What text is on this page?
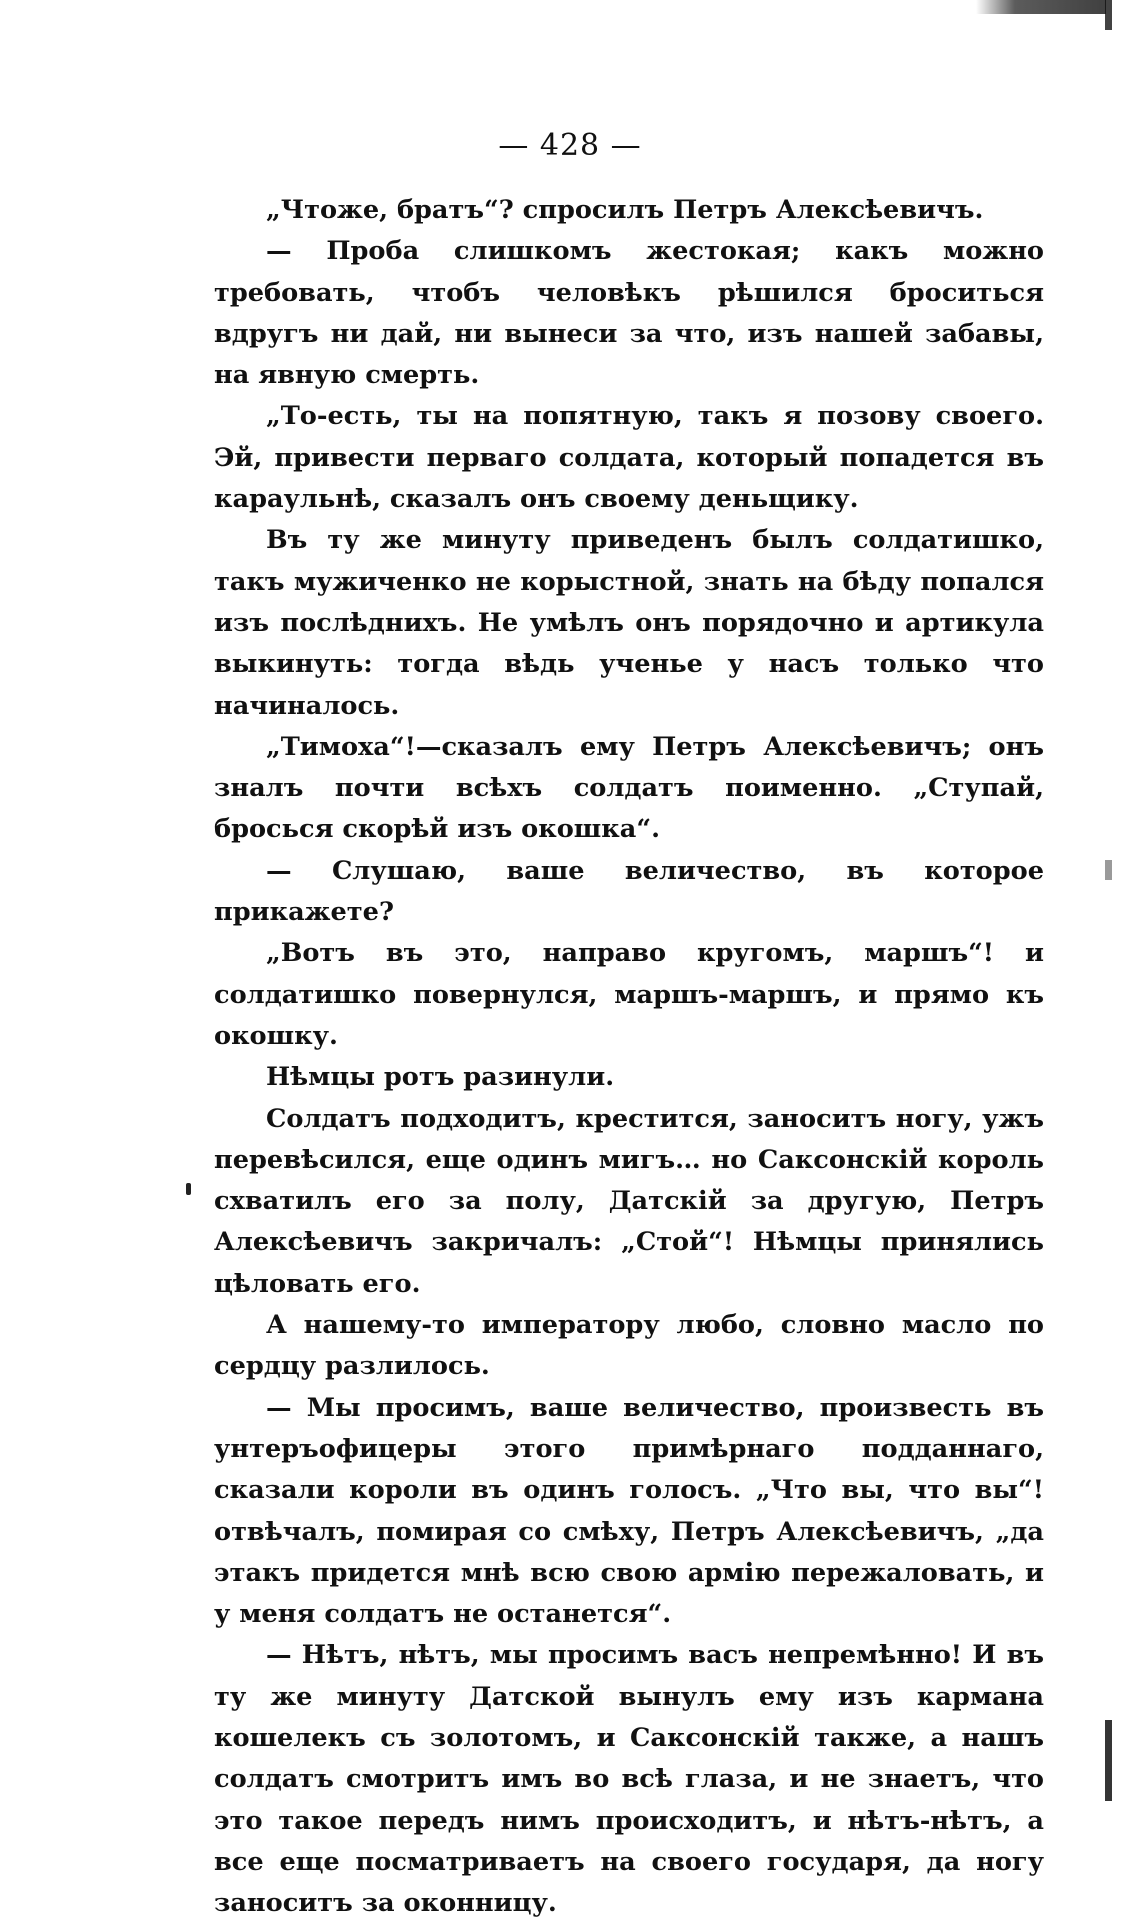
— 428 —

„Чтоже, братъ“? спросилъ Петръ Алексѣевичъ.

— Проба слишкомъ жестокая; какъ можно требовать, чтобъ человѣкъ рѣшился броситься вдругъ ни дай, ни вынеси за что, изъ нашей забавы, на явную смерть.

„То-есть, ты на попятную, такъ я позову своего. Эй, привести перваго солдата, который попадется въ караульнѣ, сказалъ онъ своему деньщику.

Въ ту же минуту приведенъ былъ солдатишко, такъ мужиченко не корыстной, знать на бѣду попался изъ послѣднихъ. Не умѣлъ онъ порядочно и артикула выкинуть: тогда вѣдь ученье у насъ только что начиналось.

„Тимоха“!—сказалъ ему Петръ Алексѣевичъ; онъ зналъ почти всѣхъ солдатъ поименно. „Ступай, бросься скорѣй изъ окошка“.

— Слушаю, ваше величество, въ которое прикажете?

„Вотъ въ это, направо кругомъ, маршъ“! и солдатишко повернулся, маршъ-маршъ, и прямо къ окошку.

Нѣмцы ротъ разинули.

Солдатъ подходитъ, крестится, заноситъ ногу, ужъ перевѣсился, еще одинъ мигъ… но Саксонскій король схватилъ его за полу, Датскій за другую, Петръ Алексѣевичъ закричалъ: „Стой“! Нѣмцы принялись цѣловать его.

А нашему-то императору любо, словно масло по сердцу разлилось.

— Мы просимъ, ваше величество, произвесть въ унтеръофицеры этого примѣрнаго подданнаго, сказали короли въ одинъ голосъ. „Что вы, что вы“! отвѣчалъ, помирая со смѣху, Петръ Алексѣевичъ, „да этакъ придется мнѣ всю свою армію пережаловать, и у меня солдатъ не останется“.

— Нѣтъ, нѣтъ, мы просимъ васъ непремѣнно! И въ ту же минуту Датской вынулъ ему изъ кармана кошелекъ съ золотомъ, и Саксонскій также, а нашъ солдатъ смотритъ имъ во всѣ глаза, и не знаетъ, что это такое передъ нимъ происходитъ, и нѣтъ-нѣтъ, а все еще посматриваетъ на своего государя, да ногу заноситъ за оконницу.
